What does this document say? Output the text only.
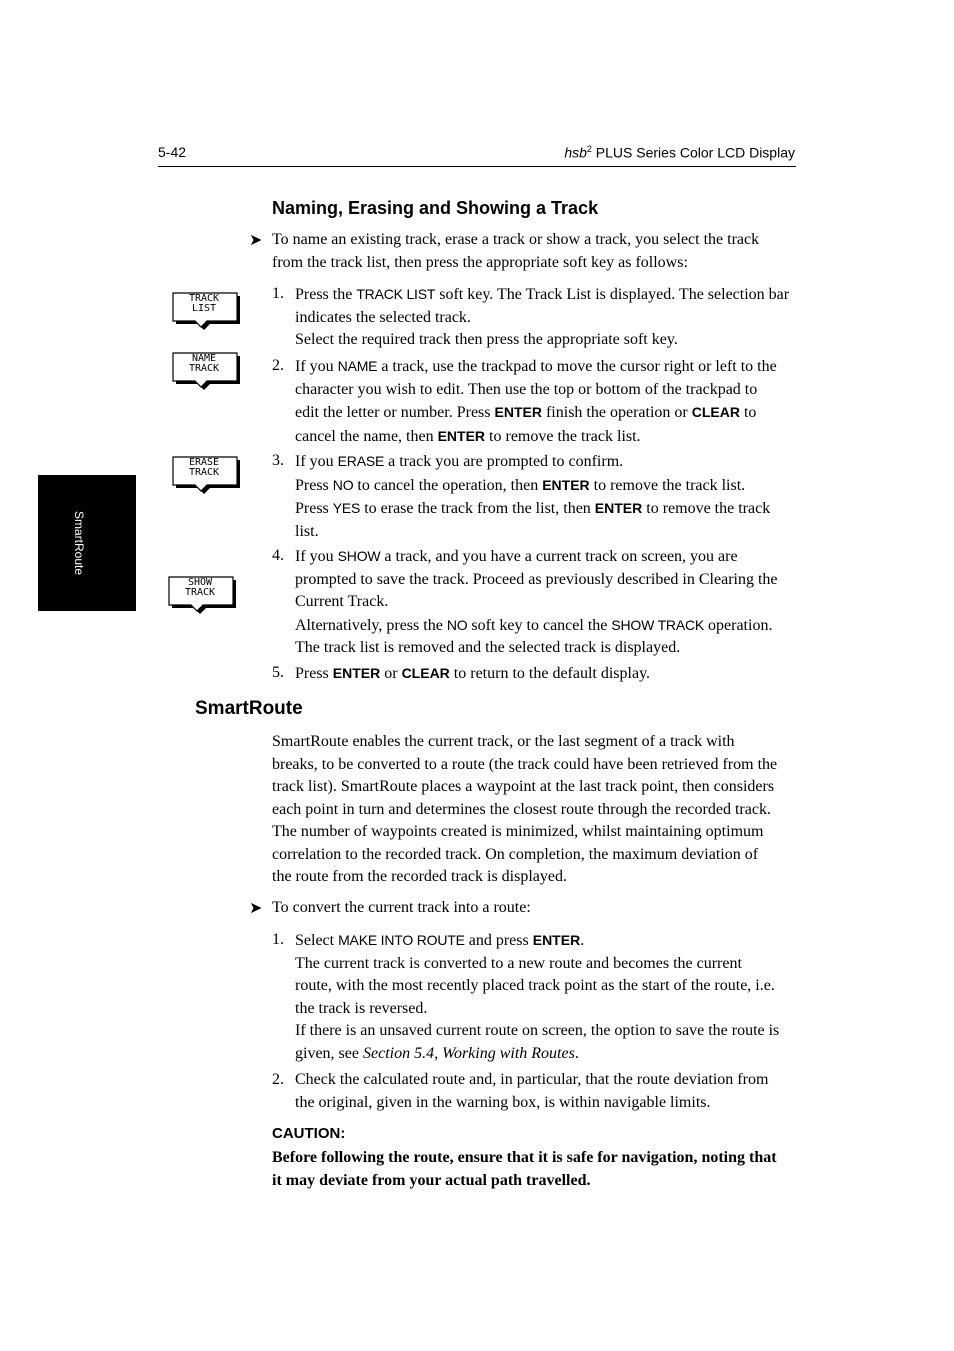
5-42	hsb$^2$ PLUS Series Color LCD Display
SmartRoute
Naming, Erasing and Showing a Track
➤ To name an existing track, erase a track or show a track, you select the track
from the track list, then press the appropriate soft key as follows:
TRACK
LIST
NAME
TRACK
ERASE
TRACK
SHOW
TRACK
1. Press the TRACK LIST soft key. The Track List is displayed. The selection bar
indicates the selected track.
Select the required track then press the appropriate soft key.
2. If you NAME a track, use the trackpad to move the cursor right or left to the
character you wish to edit. Then use the top or bottom of the trackpad to
edit the letter or number. Press ENTER finish the operation or CLEAR to
cancel the name, then ENTER to remove the track list.
3. If you ERASE a track you are prompted to confirm.
Press NO to cancel the operation, then ENTER to remove the track list.
Press YES to erase the track from the list, then ENTER to remove the track
list.
4. If you SHOW a track, and you have a current track on screen, you are
prompted to save the track. Proceed as previously described in Clearing the
Current Track.
Alternatively, press the NO soft key to cancel the SHOW TRACK operation.
The track list is removed and the selected track is displayed.
5. Press ENTER or CLEAR to return to the default display.
SmartRoute
SmartRoute enables the current track, or the last segment of a track with
breaks, to be converted to a route (the track could have been retrieved from the
track list). SmartRoute places a waypoint at the last track point, then considers
each point in turn and determines the closest route through the recorded track.
The number of waypoints created is minimized, whilst maintaining optimum
correlation to the recorded track. On completion, the maximum deviation of
the route from the recorded track is displayed.
➤ To convert the current track into a route:
1. Select MAKE INTO ROUTE and press ENTER.
The current track is converted to a new route and becomes the current
route, with the most recently placed track point as the start of the route, i.e.
the track is reversed.
If there is an unsaved current route on screen, the option to save the route is
given, see Section 5.4, Working with Routes.
2. Check the calculated route and, in particular, that the route deviation from
the original, given in the warning box, is within navigable limits.
CAUTION:
Before following the route, ensure that it is safe for navigation, noting that
it may deviate from your actual path travelled.
